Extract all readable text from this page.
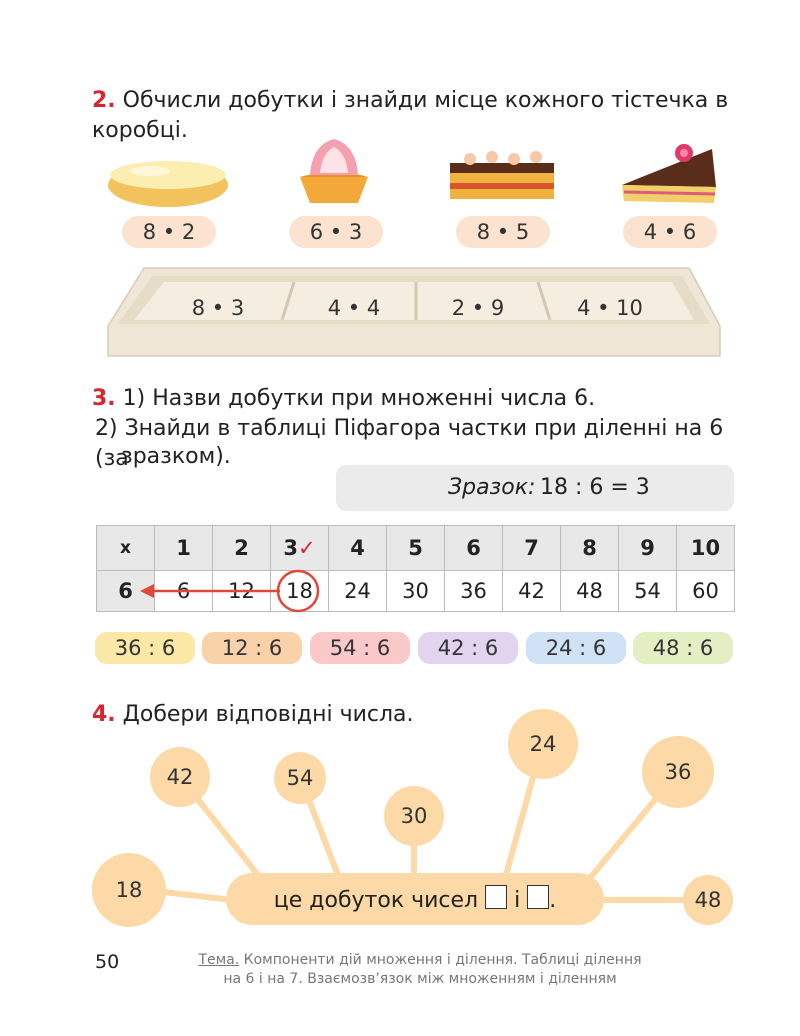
2. Обчисли добутки і знайди місце кожного тістечка в коробці.
8 • 2	6 • 3	8 • 5	4 • 6
8 • 3	4 • 4	2 • 9	4 • 10
3. 1) Назви добутки при множенні числа 6.
2) Знайди в таблиці Піфагора частки при діленні на 6 (за
зразком).
Зразок: 18 : 6 = 3
x	1	2	3✓	4	5	6	7	8	9	10
6	6	12	18	24	30	36	42	48	54	60
36 : 6	12 : 6	54 : 6	42 : 6	24 : 6	48 : 6
4. Добери відповідні числа.
42	54
30
24
36
18	48
це добуток чисел і .
50	Тема. Компоненти дій множення і ділення. Таблиці ділення
на 6 і на 7. Взаємозв’язок між множенням і діленням
